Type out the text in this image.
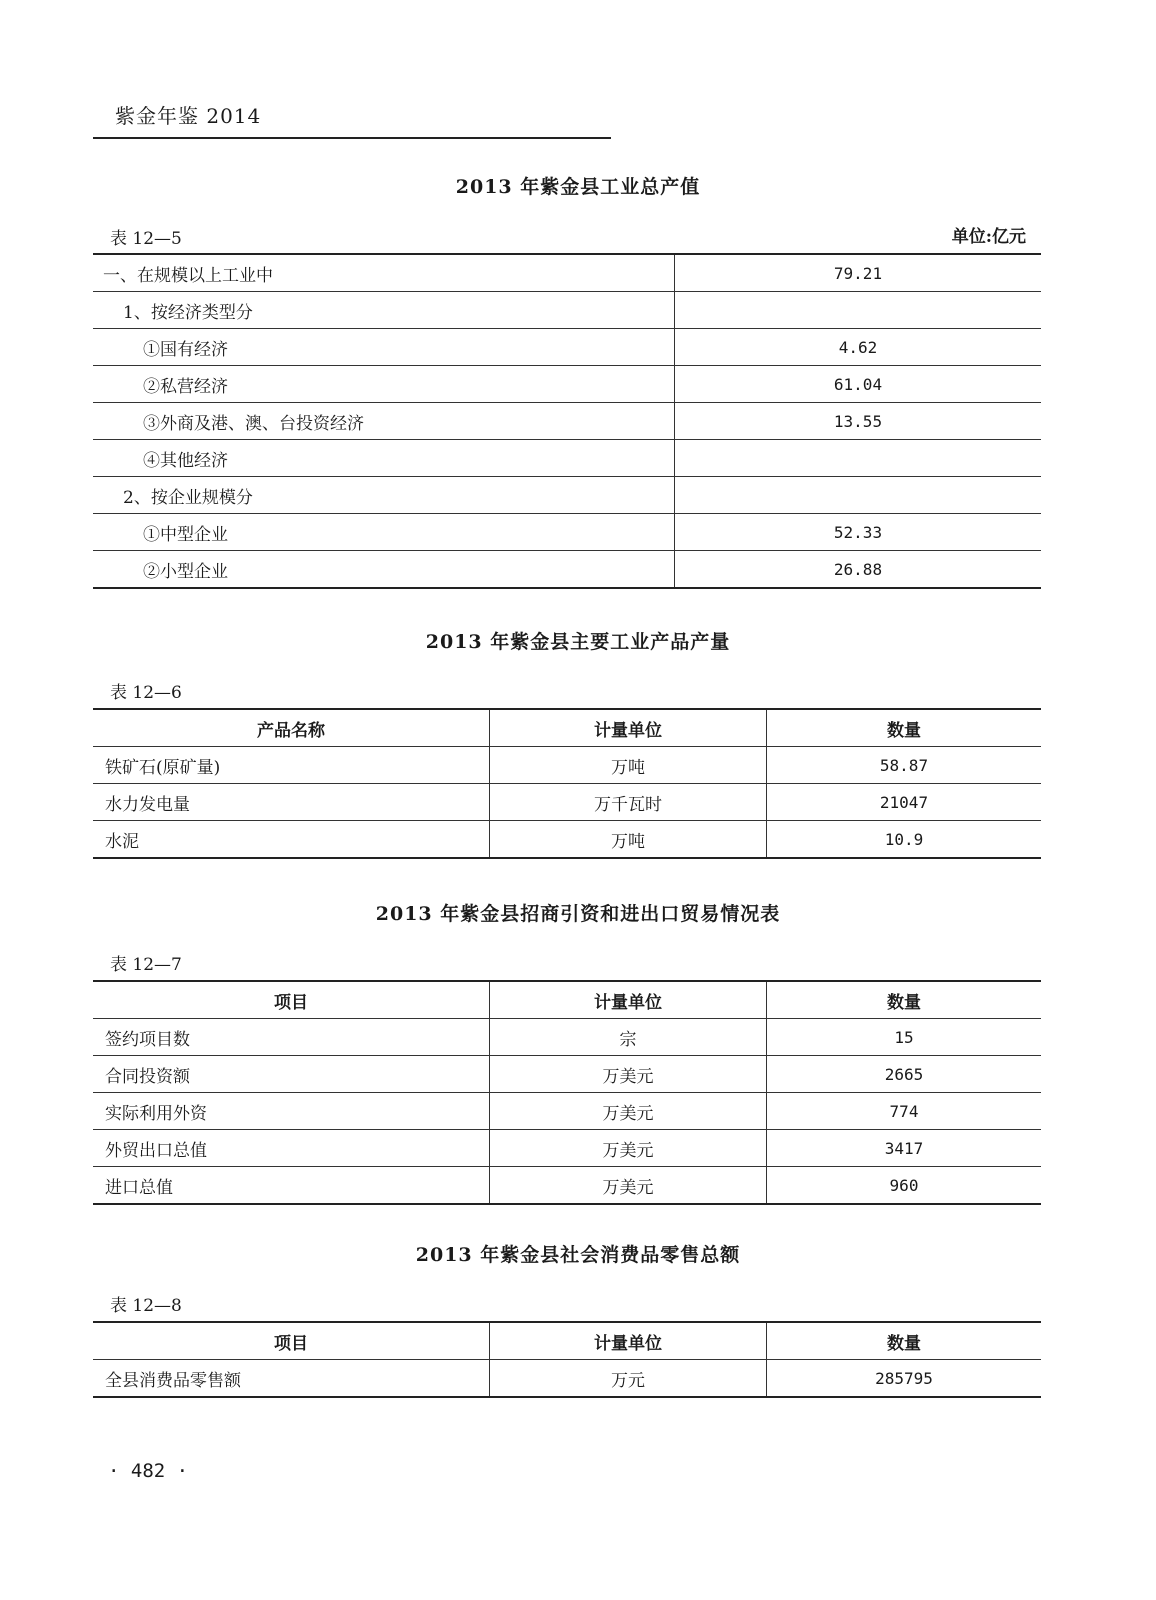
紫金年鉴 2014
2013 年紫金县工业总产值
表 12—5	单位:亿元
一、在规模以上工业中	79.21
1、按经济类型分	
①国有经济	4.62
②私营经济	61.04
③外商及港、澳、台投资经济	13.55
④其他经济	
2、按企业规模分	
①中型企业	52.33
②小型企业	26.88
2013 年紫金县主要工业产品产量
表 12—6
产品名称	计量单位	数量
铁矿石(原矿量)	万吨	58.87
水力发电量	万千瓦时	21047
水泥	万吨	10.9
2013 年紫金县招商引资和进出口贸易情况表
表 12—7
项目	计量单位	数量
签约项目数	宗	15
合同投资额	万美元	2665
实际利用外资	万美元	774
外贸出口总值	万美元	3417
进口总值	万美元	960
2013 年紫金县社会消费品零售总额
表 12—8
项目	计量单位	数量
全县消费品零售额	万元	285795
· 482 ·
